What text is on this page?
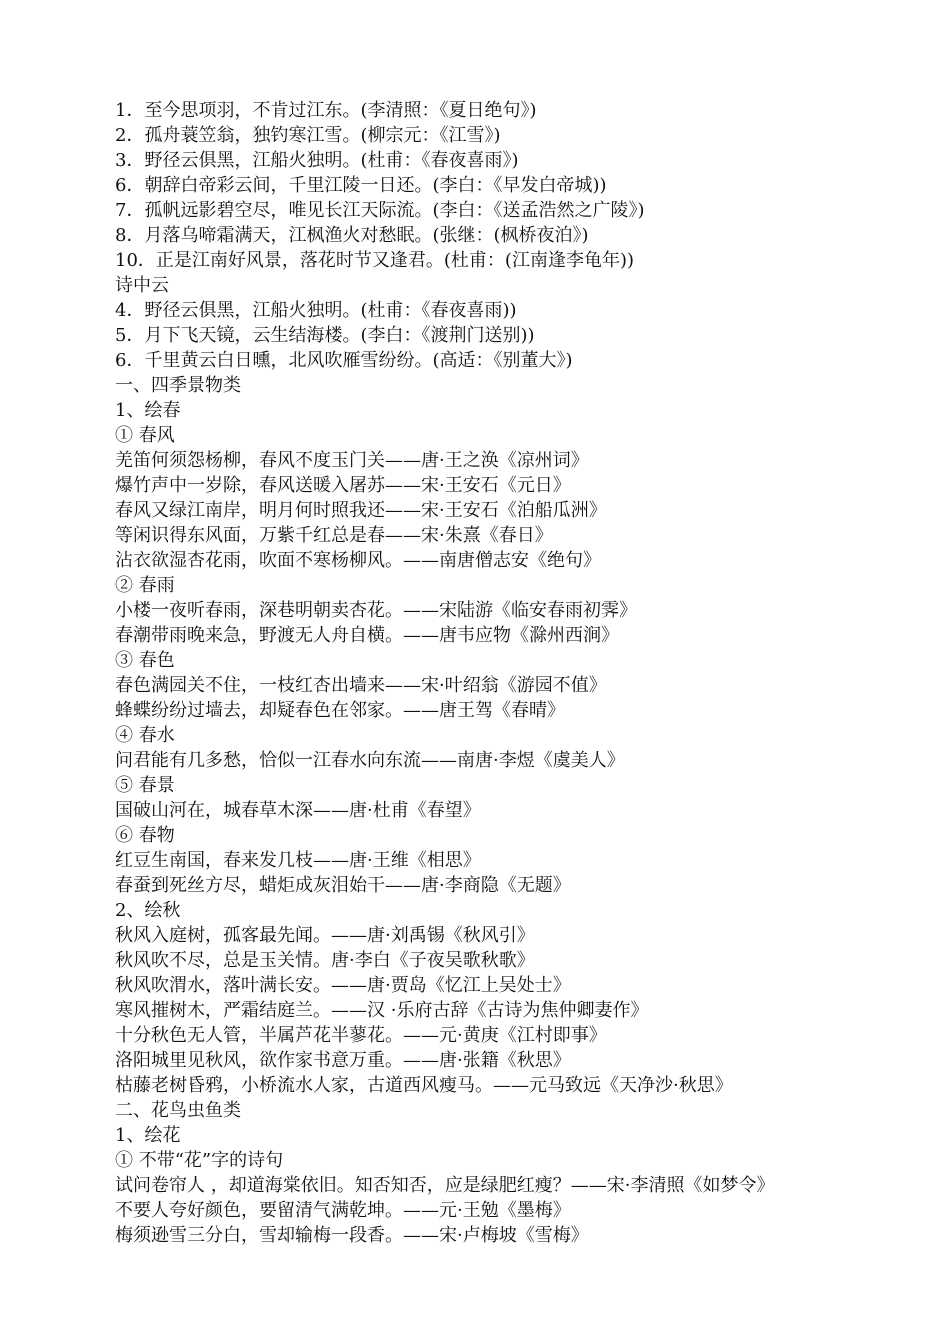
1．至今思项羽，不肯过江东。(李清照：《夏日绝句》)
2．孤舟蓑笠翁，独钓寒江雪。(柳宗元：《江雪》)
3．野径云俱黑，江船火独明。(杜甫：《春夜喜雨》)
6．朝辞白帝彩云间，千里江陵一日还。(李白：《早发白帝城))
7．孤帆远影碧空尽，唯见长江天际流。(李白：《送孟浩然之广陵》)
8．月落乌啼霜满天，江枫渔火对愁眠。(张继：(枫桥夜泊》)
10．正是江南好风景，落花时节又逢君。(杜甫：(江南逢李龟年))
诗中云
4．野径云俱黑，江船火独明。(杜甫：《春夜喜雨))
5．月下飞天镜，云生结海楼。(李白：《渡荆门送别))
6．千里黄云白日曛，北风吹雁雪纷纷。(高适：《别董大》)
一、四季景物类
1、绘春
① 春风
羌笛何须怨杨柳，春风不度玉门关——唐·王之涣《凉州词》
爆竹声中一岁除，春风送暖入屠苏——宋·王安石《元日》
春风又绿江南岸，明月何时照我还——宋·王安石《泊船瓜洲》
等闲识得东风面，万紫千红总是春——宋·朱熹《春日》
沾衣欲湿杏花雨，吹面不寒杨柳风。——南唐僧志安《绝句》
② 春雨
小楼一夜听春雨，深巷明朝卖杏花。——宋陆游《临安春雨初霁》
春潮带雨晚来急，野渡无人舟自横。——唐韦应物《滁州西涧》
③ 春色
春色满园关不住，一枝红杏出墙来——宋·叶绍翁《游园不值》
蜂蝶纷纷过墙去，却疑春色在邻家。——唐王驾《春晴》
④ 春水
问君能有几多愁，恰似一江春水向东流——南唐·李煜《虞美人》
⑤ 春景
国破山河在，城春草木深——唐·杜甫《春望》
⑥ 春物
红豆生南国，春来发几枝——唐·王维《相思》
春蚕到死丝方尽，蜡炬成灰泪始干——唐·李商隐《无题》
2、绘秋
秋风入庭树，孤客最先闻。——唐·刘禹锡《秋风引》
秋风吹不尽，总是玉关情。唐·李白《子夜吴歌秋歌》
秋风吹渭水，落叶满长安。——唐·贾岛《忆江上吴处士》
寒风摧树木，严霜结庭兰。——汉 ·乐府古辞《古诗为焦仲卿妻作》
十分秋色无人管，半属芦花半蓼花。——元·黄庚《江村即事》
洛阳城里见秋风，欲作家书意万重。——唐·张籍《秋思》
枯藤老树昏鸦，小桥流水人家，古道西风瘦马。——元马致远《天净沙·秋思》
二、花鸟虫鱼类
1、绘花
① 不带“花”字的诗句
试问卷帘人 ，却道海棠依旧。知否知否，应是绿肥红瘦？——宋·李清照《如梦令》
不要人夸好颜色，要留清气满乾坤。——元·王勉《墨梅》
梅须逊雪三分白，雪却输梅一段香。——宋·卢梅坡《雪梅》
